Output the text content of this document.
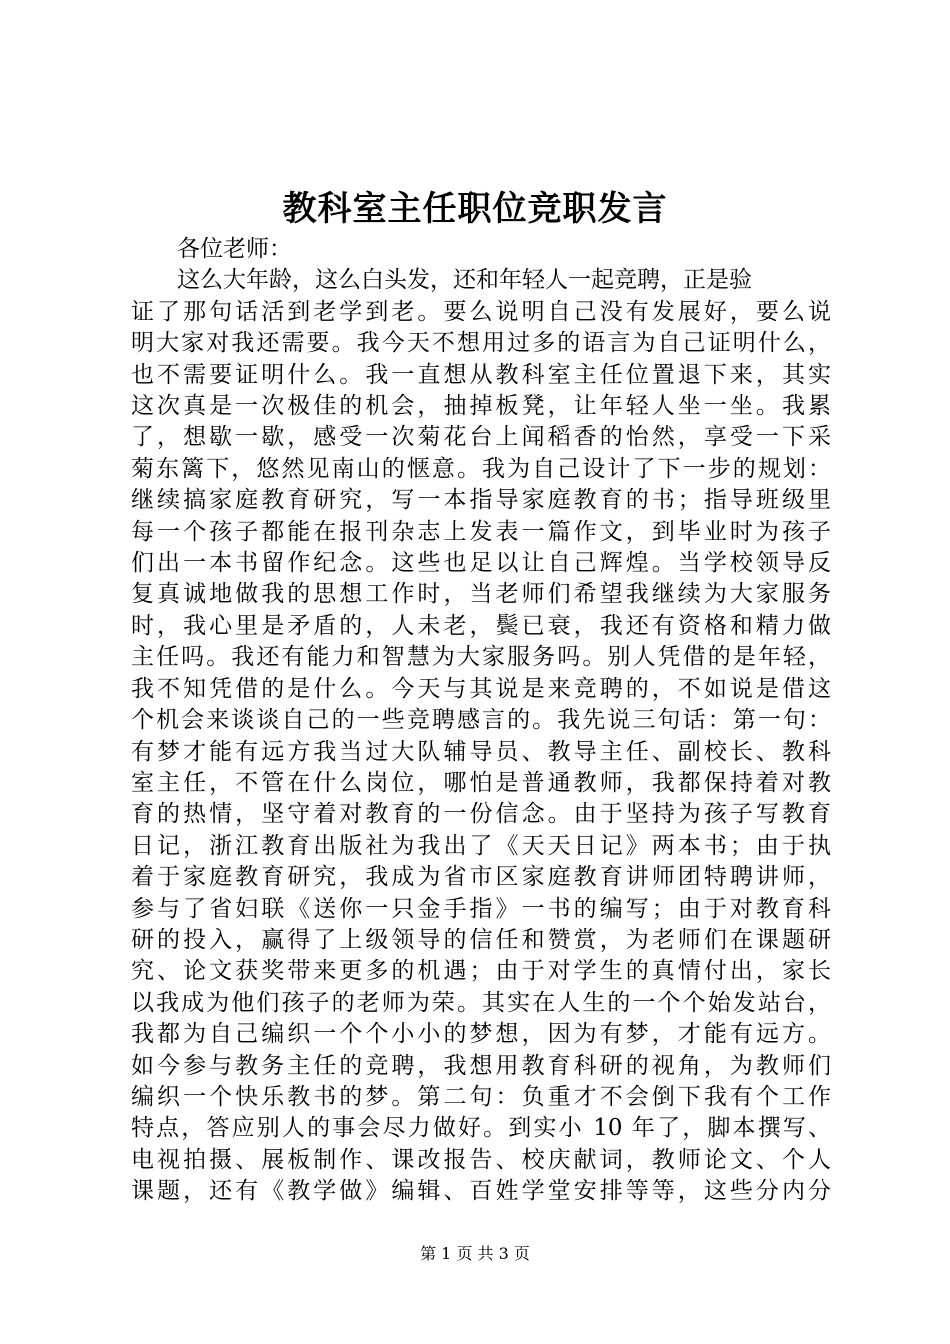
教科室主任职位竞职发言
各位老师：
这么大年龄，这么白头发，还和年轻人一起竞聘，正是验
证了那句话活到老学到老。要么说明自己没有发展好，要么说
明大家对我还需要。我今天不想用过多的语言为自己证明什么，
也不需要证明什么。我一直想从教科室主任位置退下来，其实
这次真是一次极佳的机会，抽掉板凳，让年轻人坐一坐。我累
了，想歇一歇，感受一次菊花台上闻稻香的怡然，享受一下采
菊东篱下，悠然见南山的惬意。我为自己设计了下一步的规划：
继续搞家庭教育研究，写一本指导家庭教育的书；指导班级里
每一个孩子都能在报刊杂志上发表一篇作文，到毕业时为孩子
们出一本书留作纪念。这些也足以让自己辉煌。当学校领导反
复真诚地做我的思想工作时，当老师们希望我继续为大家服务
时，我心里是矛盾的，人未老，鬓已衰，我还有资格和精力做
主任吗。我还有能力和智慧为大家服务吗。别人凭借的是年轻，
我不知凭借的是什么。今天与其说是来竞聘的，不如说是借这
个机会来谈谈自己的一些竞聘感言的。我先说三句话：第一句：
有梦才能有远方我当过大队辅导员、教导主任、副校长、教科
室主任，不管在什么岗位，哪怕是普通教师，我都保持着对教
育的热情，坚守着对教育的一份信念。由于坚持为孩子写教育
日记，浙江教育出版社为我出了《天天日记》两本书；由于执
着于家庭教育研究，我成为省市区家庭教育讲师团特聘讲师，
参与了省妇联《送你一只金手指》一书的编写；由于对教育科
研的投入，赢得了上级领导的信任和赞赏，为老师们在课题研
究、论文获奖带来更多的机遇；由于对学生的真情付出，家长
以我成为他们孩子的老师为荣。其实在人生的一个个始发站台，
我都为自己编织一个个小小的梦想，因为有梦，才能有远方。
如今参与教务主任的竞聘，我想用教育科研的视角，为教师们
编织一个快乐教书的梦。第二句：负重才不会倒下我有个工作
特点，答应别人的事会尽力做好。到实小 10 年了，脚本撰写、
电视拍摄、展板制作、课改报告、校庆献词，教师论文、个人
课题，还有《教学做》编辑、百姓学堂安排等等，这些分内分
第 1 页 共 3 页
